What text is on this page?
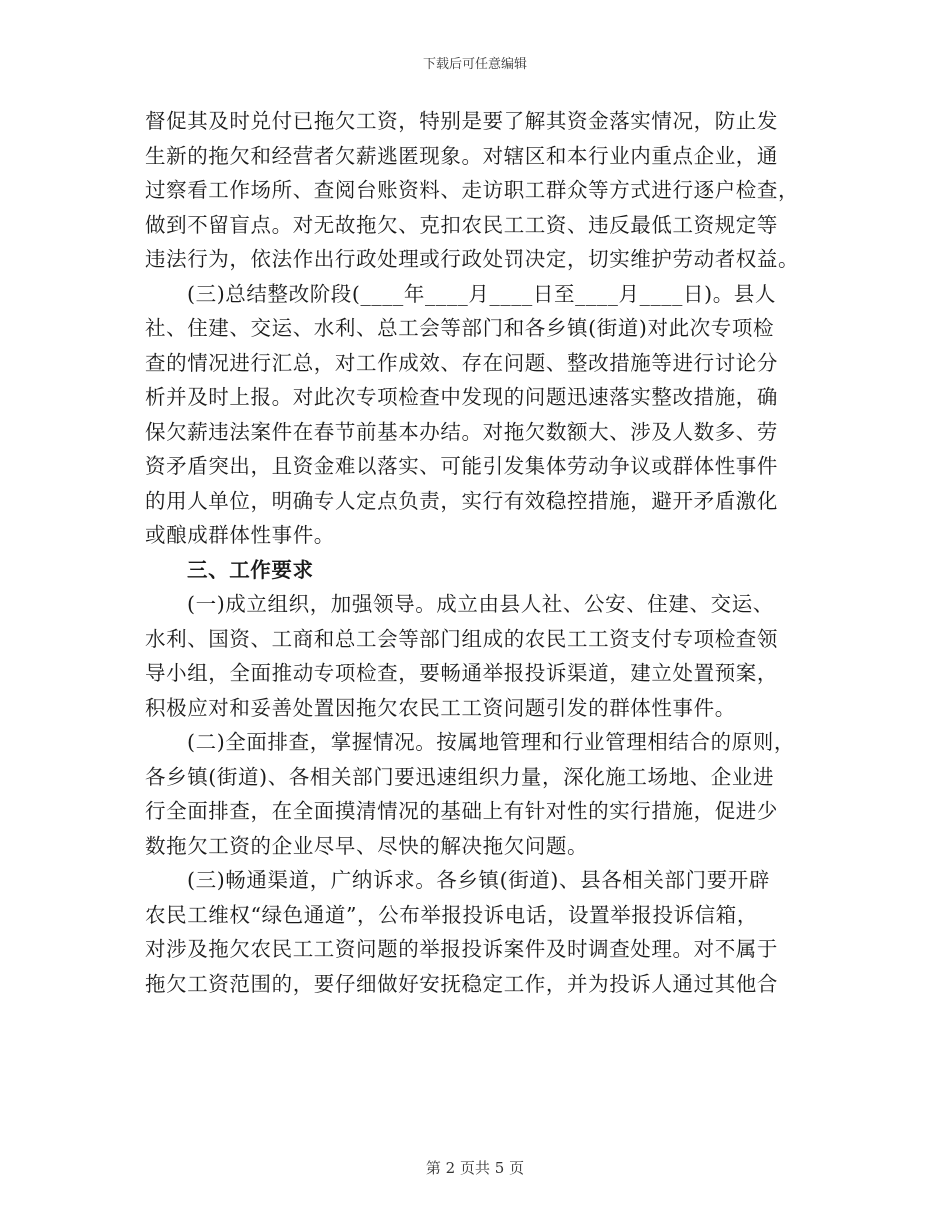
下载后可任意编辑
督促其及时兑付已拖欠工资，特别是要了解其资金落实情况，防止发
生新的拖欠和经营者欠薪逃匿现象。对辖区和本行业内重点企业，通
过察看工作场所、查阅台账资料、走访职工群众等方式进行逐户检查，
做到不留盲点。对无故拖欠、克扣农民工工资、违反最低工资规定等
违法行为，依法作出行政处理或行政处罚决定，切实维护劳动者权益。
(三)总结整改阶段(____年____月____日至____月____日)。县人
社、住建、交运、水利、总工会等部门和各乡镇(街道)对此次专项检
查的情况进行汇总，对工作成效、存在问题、整改措施等进行讨论分
析并及时上报。对此次专项检查中发现的问题迅速落实整改措施，确
保欠薪违法案件在春节前基本办结。对拖欠数额大、涉及人数多、劳
资矛盾突出，且资金难以落实、可能引发集体劳动争议或群体性事件
的用人单位，明确专人定点负责，实行有效稳控措施，避开矛盾激化
或酿成群体性事件。
三、工作要求
(一)成立组织，加强领导。成立由县人社、公安、住建、交运、
水利、国资、工商和总工会等部门组成的农民工工资支付专项检查领
导小组，全面推动专项检查，要畅通举报投诉渠道，建立处置预案，
积极应对和妥善处置因拖欠农民工工资问题引发的群体性事件。
(二)全面排查，掌握情况。按属地管理和行业管理相结合的原则，
各乡镇(街道)、各相关部门要迅速组织力量，深化施工场地、企业进
行全面排查，在全面摸清情况的基础上有针对性的实行措施，促进少
数拖欠工资的企业尽早、尽快的解决拖欠问题。
(三)畅通渠道，广纳诉求。各乡镇(街道)、县各相关部门要开辟
农民工维权“绿色通道”，公布举报投诉电话，设置举报投诉信箱，
对涉及拖欠农民工工资问题的举报投诉案件及时调查处理。对不属于
拖欠工资范围的，要仔细做好安抚稳定工作，并为投诉人通过其他合
第 2 页共 5 页
